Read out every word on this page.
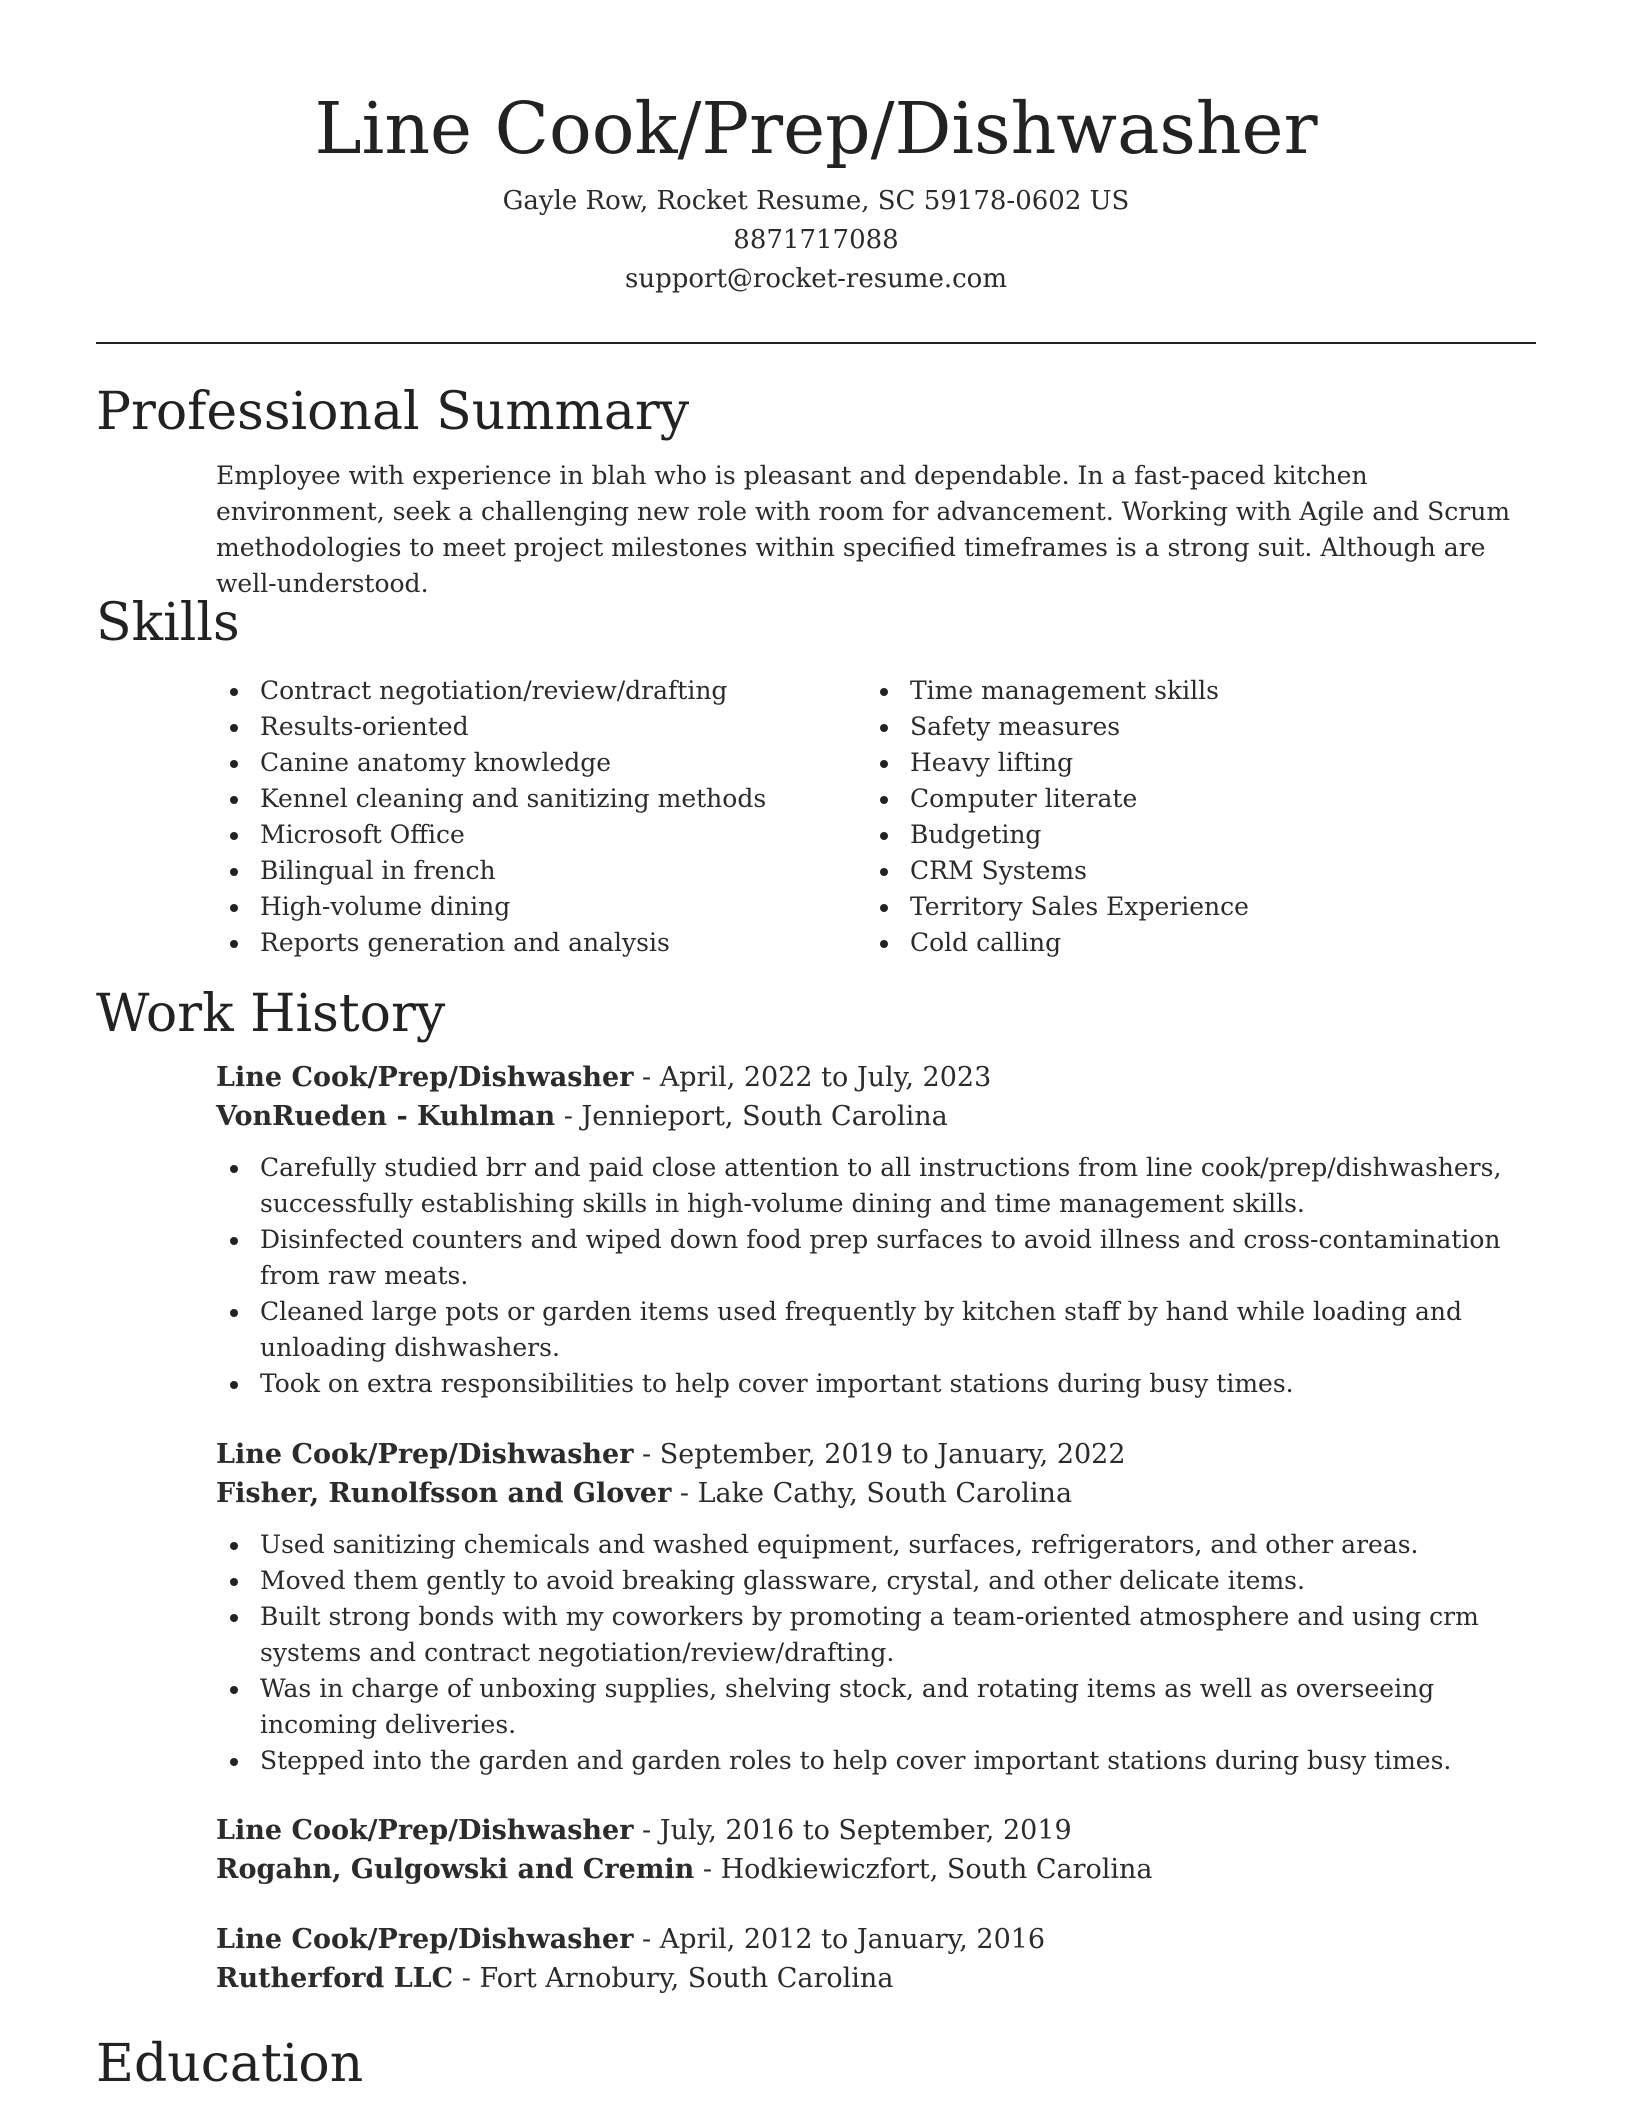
Line Cook/Prep/Dishwasher
Gayle Row, Rocket Resume, SC 59178-0602 US
8871717088
support@rocket-resume.com
Professional Summary
Employee with experience in blah who is pleasant and dependable. In a fast-paced kitchen environment, seek a challenging new role with room for advancement. Working with Agile and Scrum methodologies to meet project milestones within specified timeframes is a strong suit. Although are well-understood.
Skills
Contract negotiation/review/drafting
Results-oriented
Canine anatomy knowledge
Kennel cleaning and sanitizing methods
Microsoft Office
Bilingual in french
High-volume dining
Reports generation and analysis
Time management skills
Safety measures
Heavy lifting
Computer literate
Budgeting
CRM Systems
Territory Sales Experience
Cold calling
Work History
Line Cook/Prep/Dishwasher - April, 2022 to July, 2023
VonRueden - Kuhlman - Jennieport, South Carolina
Carefully studied brr and paid close attention to all instructions from line cook/prep/dishwashers, successfully establishing skills in high-volume dining and time management skills.
Disinfected counters and wiped down food prep surfaces to avoid illness and cross-contamination from raw meats.
Cleaned large pots or garden items used frequently by kitchen staff by hand while loading and unloading dishwashers.
Took on extra responsibilities to help cover important stations during busy times.
Line Cook/Prep/Dishwasher - September, 2019 to January, 2022
Fisher, Runolfsson and Glover - Lake Cathy, South Carolina
Used sanitizing chemicals and washed equipment, surfaces, refrigerators, and other areas.
Moved them gently to avoid breaking glassware, crystal, and other delicate items.
Built strong bonds with my coworkers by promoting a team-oriented atmosphere and using crm systems and contract negotiation/review/drafting.
Was in charge of unboxing supplies, shelving stock, and rotating items as well as overseeing incoming deliveries.
Stepped into the garden and garden roles to help cover important stations during busy times.
Line Cook/Prep/Dishwasher - July, 2016 to September, 2019
Rogahn, Gulgowski and Cremin - Hodkiewiczfort, South Carolina
Line Cook/Prep/Dishwasher - April, 2012 to January, 2016
Rutherford LLC - Fort Arnobury, South Carolina
Education
